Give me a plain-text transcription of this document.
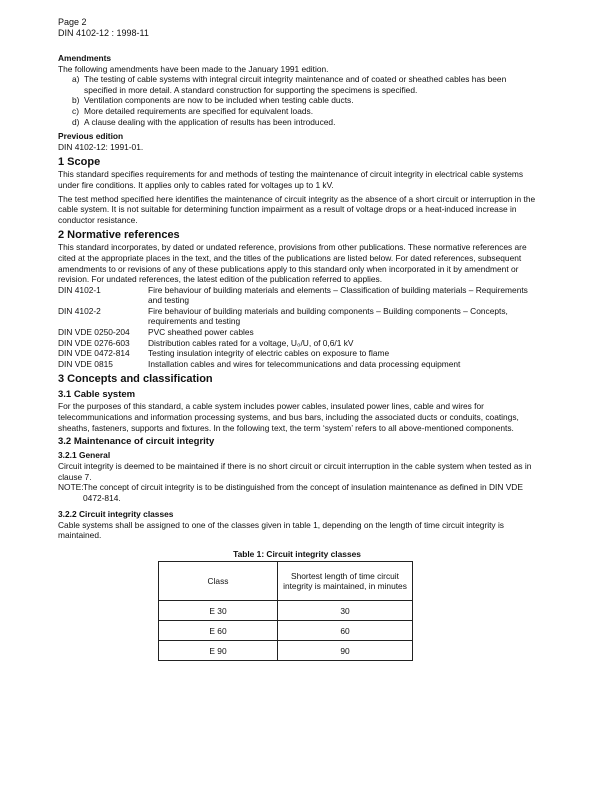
Page 2
DIN 4102-12 : 1998-11
Amendments

The following amendments have been made to the January 1991 edition.

a) The testing of cable systems with integral circuit integrity maintenance and of coated or sheathed cables has been specified in more detail. A standard construction for supporting the specimens is specified.
b) Ventilation components are now to be included when testing cable ducts.
c) More detailed requirements are specified for equivalent loads.
d) A clause dealing with the application of results has been introduced.
Previous edition

DIN 4102-12: 1991-01.

1 Scope

This standard specifies requirements for and methods of testing the maintenance of circuit integrity in electrical cable systems under fire conditions. It applies only to cables rated for voltages up to 1 kV.

The test method specified here identifies the maintenance of circuit integrity as the absence of a short circuit or interruption in the cable system. It is not suitable for determining function impairment as a result of voltage drops or a heat-induced increase in conductor resistance.

2 Normative references

This standard incorporates, by dated or undated reference, provisions from other publications. These normative references are cited at the appropriate places in the text, and the titles of the publications are listed below. For dated references, subsequent amendments to or revisions of any of these publications apply to this standard only when incorporated in it by amendment or revision. For undated references, the latest edition of the publication referred to applies.

DIN 4102-1	Fire behaviour of building materials and elements – Classification of building materials – Requirements and testing
DIN 4102-2	Fire behaviour of building materials and building components – Building components – Concepts, requirements and testing
DIN VDE 0250-204	PVC sheathed power cables
DIN VDE 0276-603	Distribution cables rated for a voltage, U₀/U, of 0,6/1 kV
DIN VDE 0472-814	Testing insulation integrity of electric cables on exposure to flame
DIN VDE 0815	Installation cables and wires for telecommunications and data processing equipment
3 Concepts and classification
3.1 Cable system

For the purposes of this standard, a cable system includes power cables, insulated power lines, cable and wires for telecommunications and information processing systems, and bus bars, including the associated ducts or conduits, coatings, sheaths, fasteners, supports and fixtures. In the following text, the term ‘system’ refers to all above-mentioned components.

3.2 Maintenance of circuit integrity
3.2.1 General

Circuit integrity is deemed to be maintained if there is no short circuit or circuit interruption in the cable system when tested as in clause 7.

NOTE: The concept of circuit integrity is to be distinguished from the concept of insulation maintenance as defined in DIN VDE 0472-814.
3.2.2 Circuit integrity classes

Cable systems shall be assigned to one of the classes given in table 1, depending on the length of time circuit integrity is maintained.

Table 1: Circuit integrity classes
Class	Shortest length of time circuit integrity is maintained, in minutes
E 30	30
E 60	60
E 90	90
